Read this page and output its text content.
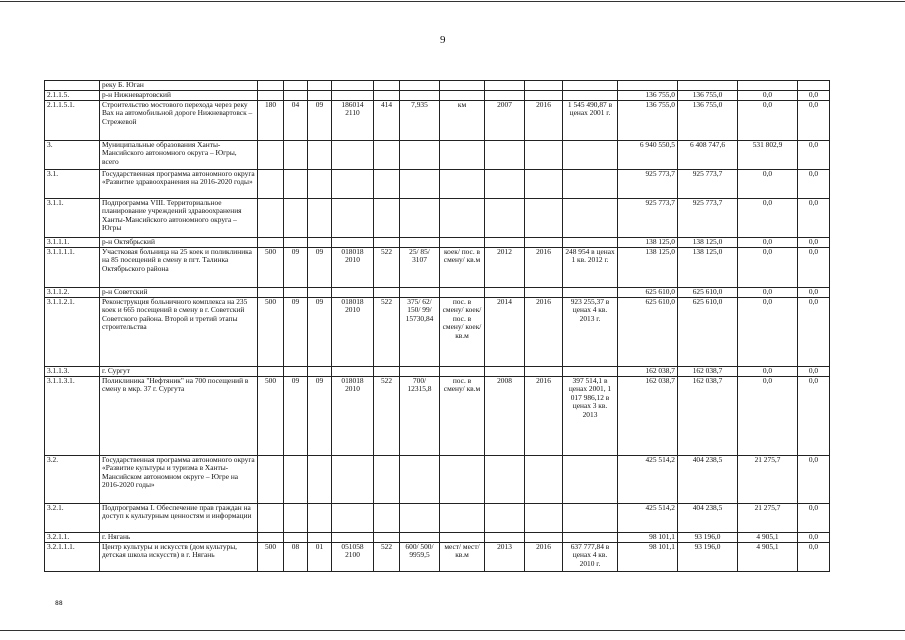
9
	реку Б. Юган														
2.1.1.5.	р-н Нижневартовский											136 755,0	136 755,0	0,0	0,0
2.1.1.5.1.	Строительство мостового перехода через реку Вах на автомобильной дороге Нижневартовск – Стрежевой	180	04	09	186014 2110	414	7,935	км	2007	2016	1 545 490,87 в ценах 2001 г.	136 755,0	136 755,0	0,0	0,0
3.	Муниципальные образования Ханты-Мансийского автономного округа – Югры, всего											6 940 550,5	6 408 747,6	531 802,9	0,0
3.1.	Государственная программа автономного округа «Развитие здравоохранения на 2016-2020 годы»											925 773,7	925 773,7	0,0	0,0
3.1.1.	Подпрограмма VIII. Территориальное планирование учреждений здравоохранения Ханты-Мансийского автономного округа – Югры											925 773,7	925 773,7	0,0	0,0
3.1.1.1.	р-н Октябрьский											138 125,0	138 125,0	0,0	0,0
3.1.1.1.1.	Участковая больница на 25 коек и поликлиника на 85 посещений в смену в пгт. Талинка Октябрьского района	500	09	09	018018 2010	522	25/ 85/ 3107	коек/ пос. в смену/ кв.м	2012	2016	248 954 в ценах 1 кв. 2012 г.	138 125,0	138 125,0	0,0	0,0
3.1.1.2.	р-н Советский											625 610,0	625 610,0	0,0	0,0
3.1.1.2.1.	Реконструкция больничного комплекса на 235 коек и 665 посещений в смену в г. Советский Советского района. Второй и третий этапы строительства	500	09	09	018018 2010	522	375/ 62/ 150/ 99/ 15730,84	пос. в смену/ коек/ пос. в смену/ коек/ кв.м	2014	2016	923 255,37 в ценах 4 кв. 2013 г.	625 610,0	625 610,0	0,0	0,0
3.1.1.3.	г. Сургут											162 038,7	162 038,7	0,0	0,0
3.1.1.3.1.	Поликлиника "Нефтяник" на 700 посещений в смену в мкр. 37 г. Сургута	500	09	09	018018 2010	522	700/ 12315,8	пос. в смену/ кв.м	2008	2016	397 514,1 в ценах 2001, 1 017 986,12 в ценах 3 кв. 2013	162 038,7	162 038,7	0,0	0,0
3.2.	Государственная программа автономного округа «Развитие культуры и туризма в Ханты-Мансийском автономном округе – Югре на 2016-2020 годы»											425 514,2	404 238,5	21 275,7	0,0
3.2.1.	Подпрограмма I. Обеспечение прав граждан на доступ к культурным ценностям и информации											425 514,2	404 238,5	21 275,7	0,0
3.2.1.1.	г. Нягань											98 101,1	93 196,0	4 905,1	0,0
3.2.1.1.1.	Центр культуры и искусств (дом культуры, детская школа искусств) в г. Нягань	500	08	01	051058 2100	522	600/ 500/ 9959,5	мест/ мест/ кв.м	2013	2016	637 777,84 в ценах 4 кв. 2010 г.	98 101,1	93 196,0	4 905,1	0,0
88
